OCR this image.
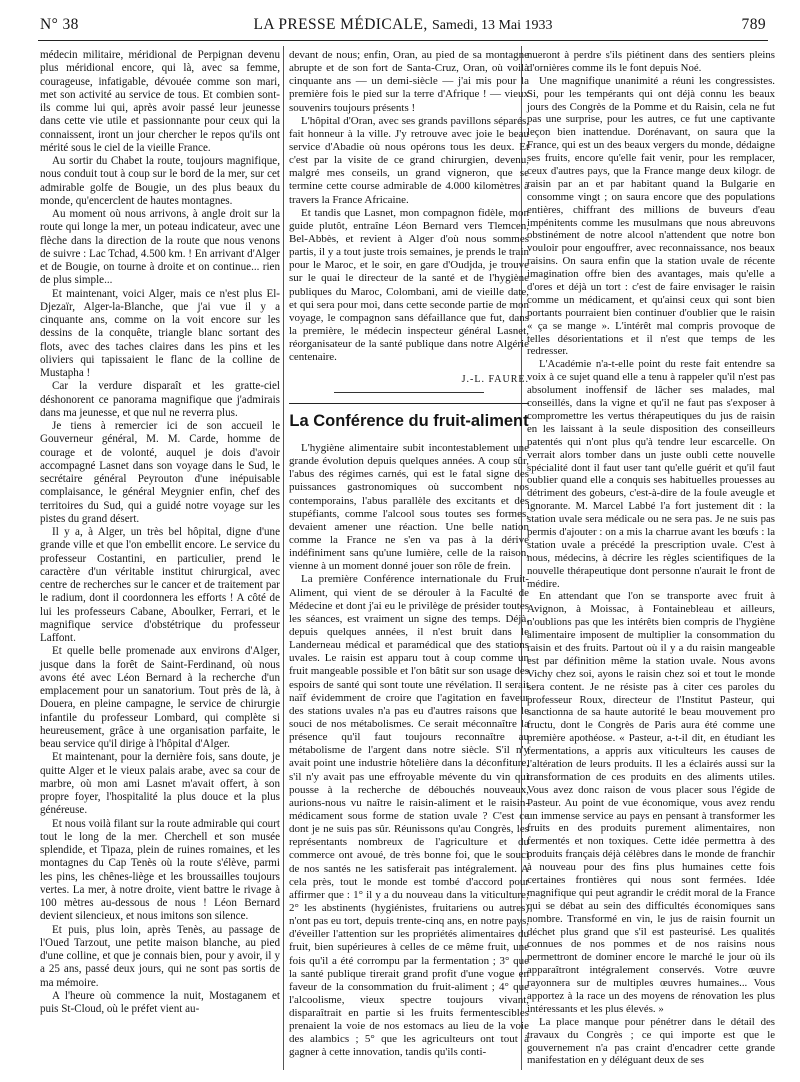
N° 38	LA PRESSE MÉDICALE, Samedi, 13 Mai 1933	789

médecin militaire, méridional de Perpignan devenu plus méridional encore, qui là, avec sa femme, courageuse, infatigable, dévouée comme son mari, met son activité au service de tous. Et combien sont-ils comme lui qui, après avoir passé leur jeunesse dans cette vie utile et passionnante pour ceux qui la connaissent, iront un jour chercher le repos qu'ils ont mérité sous le ciel de la vieille France.

Au sortir du Chabet la route, toujours magnifique, nous conduit tout à coup sur le bord de la mer, sur cet admirable golfe de Bougie, un des plus beaux du monde, qu'encerclent de hautes montagnes.

Au moment où nous arrivons, à angle droit sur la route qui longe la mer, un poteau indicateur, avec une flèche dans la direction de la route que nous venons de suivre : Lac Tchad, 4.500 km. ! En arrivant d'Alger et de Bougie, on tourne à droite et on continue... rien de plus simple...

Et maintenant, voici Alger, mais ce n'est plus El-Djezaïr, Alger-la-Blanche, que j'ai vue il y a cinquante ans, comme on la voit encore sur les dessins de la conquête, triangle blanc sortant des flots, avec des taches claires dans les pins et les oliviers qui tapissaient le flanc de la colline de Mustapha !

Car la verdure disparaît et les gratte-ciel déshonorent ce panorama magnifique que j'admirais dans ma jeunesse, et que nul ne reverra plus.

Je tiens à remercier ici de son accueil le Gouverneur général, M. M. Carde, homme de courage et de volonté, auquel je dois d'avoir accompagné Lasnet dans son voyage dans le Sud, le secrétaire général Peyrouton d'une inépuisable complaisance, le général Meygnier enfin, chef des territoires du Sud, qui a guidé notre voyage sur les pistes du grand désert.

Il y a, à Alger, un très bel hôpital, digne d'une grande ville et que l'on embellit encore. Le service du professeur Costantini, en particulier, prend le caractère d'un véritable institut chirurgical, avec centre de recherches sur le cancer et de traitement par le radium, dont il coordonnera les efforts ! A côté de lui les professeurs Cabane, Aboulker, Ferrari, et le magnifique service d'obstétrique du professeur Laffont.

Et quelle belle promenade aux environs d'Alger, jusque dans la forêt de Saint-Ferdinand, où nous avons été avec Léon Bernard à la recherche d'un emplacement pour un sanatorium. Tout près de là, à Douera, en pleine campagne, le service de chirurgie infantile du professeur Lombard, qui complète si heureusement, grâce à une organisation parfaite, le beau service qu'il dirige à l'hôpital d'Alger.

Et maintenant, pour la dernière fois, sans doute, je quitte Alger et le vieux palais arabe, avec sa cour de marbre, où mon ami Lasnet m'avait offert, à son propre foyer, l'hospitalité la plus douce et la plus généreuse.

Et nous voilà filant sur la route admirable qui court tout le long de la mer. Cherchell et son musée splendide, et Tipaza, plein de ruines romaines, et les montagnes du Cap Tenès où la route s'élève, parmi les pins, les chênes-liège et les broussailles toujours vertes. La mer, à notre droite, vient battre le rivage à 100 mètres au-dessous de nous ! Léon Bernard devient silencieux, et nous imitons son silence.

Et puis, plus loin, après Tenès, au passage de l'Oued Tarzout, une petite maison blanche, au pied d'une colline, et que je connais bien, pour y avoir, il y a 25 ans, passé deux jours, qui ne sont pas sortis de ma mémoire.

A l'heure où commence la nuit, Mostaganem et puis St-Cloud, où le préfet vient au-

devant de nous; enfin, Oran, au pied de sa montagne abrupte et de son fort de Santa-Cruz, Oran, où voilà cinquante ans — un demi-siècle — j'ai mis pour la première fois le pied sur la terre d'Afrique ! — vieux souvenirs toujours présents !

L'hôpital d'Oran, avec ses grands pavillons séparés, fait honneur à la ville. J'y retrouve avec joie le beau service d'Abadie où nous opérons tous les deux. Et c'est par la visite de ce grand chirurgien, devenu, malgré mes conseils, un grand vigneron, que se termine cette course admirable de 4.000 kilomètres à travers la France Africaine.

Et tandis que Lasnet, mon compagnon fidèle, mon guide plutôt, entraîne Léon Bernard vers Tlemcen, Bel-Abbès, et revient à Alger d'où nous sommes partis, il y a tout juste trois semaines, je prends le train pour le Maroc, et le soir, en gare d'Oudjda, je trouve sur le quai le directeur de la santé et de l'hygiène publiques du Maroc, Colombani, ami de vieille date, et qui sera pour moi, dans cette seconde partie de mon voyage, le compagnon sans défaillance que fut, dans la première, le médecin inspecteur général Lasnet, réorganisateur de la santé publique dans notre Algérie centenaire.

J.-L. FAURE.
La Conférence du fruit-aliment

L'hygiène alimentaire subit incontestablement une grande évolution depuis quelques années. A coup sûr, l'abus des régimes carnés, qui est le fatal signe des puissances gastronomiques où succombent nos contemporains, l'abus parallèle des excitants et des stupéfiants, comme l'alcool sous toutes ses formes, devaient amener une réaction. Une belle nation comme la France ne s'en va pas à la dérive indéfiniment sans qu'une lumière, celle de la raison, vienne à un moment donné jouer son rôle de frein.

La première Conférence internationale du Fruit-Aliment, qui vient de se dérouler à la Faculté de Médecine et dont j'ai eu le privilège de présider toutes les séances, est vraiment un signe des temps. Déjà, depuis quelques années, il n'est bruit dans le Landerneau médical et paramédical que des stations uvales. Le raisin est apparu tout à coup comme un fruit mangeable possible et l'on bâtit sur son usage des espoirs de santé qui sont toute une révélation. Il serait naïf évidemment de croire que l'agitation en faveur des stations uvales n'a pas eu d'autres raisons que le souci de nos métabolismes. Ce serait méconnaître la présence qu'il faut toujours reconnaître au métabolisme de l'argent dans notre siècle. S'il n'y avait point une industrie hôtelière dans la déconfiture, s'il n'y avait pas une effroyable mévente du vin qui pousse à la recherche de débouchés nouveaux, aurions-nous vu naître le raisin-aliment et le raisin-médicament sous forme de station uvale ? C'est ce dont je ne suis pas sûr. Réunissons qu'au Congrès, les représentants nombreux de l'agriculture et du commerce ont avoué, de très bonne foi, que le souci de nos santés ne les satisferait pas intégralement. A cela près, tout le monde est tombé d'accord pour affirmer que : 1° il y a du nouveau dans la viticulture; 2° les abstinents (hygiénistes, fruitariens ou autres) n'ont pas eu tort, depuis trente-cinq ans, en notre pays, d'éveiller l'attention sur les propriétés alimentaires du fruit, bien supérieures à celles de ce même fruit, une fois qu'il a été corrompu par la fermentation ; 3° que la santé publique tirerait grand profit d'une vogue en faveur de la consommation du fruit-aliment ; 4° que l'alcoolisme, vieux spectre toujours vivant, disparaîtrait en partie si les fruits fermentescibles prenaient la voie de nos estomacs au lieu de la voie des alambics ; 5° que les agriculteurs ont tout à gagner à cette innovation, tandis qu'ils conti-

nueront à perdre s'ils piétinent dans des sentiers pleins d'ornières comme ils le font depuis Noé.

Une magnifique unanimité a réuni les congressistes. Si, pour les tempérants qui ont déjà connu les beaux jours des Congrès de la Pomme et du Raisin, cela ne fut pas une surprise, pour les autres, ce fut une captivante leçon bien inattendue. Dorénavant, on saura que la France, qui est un des beaux vergers du monde, dédaigne ses fruits, encore qu'elle fait venir, pour les remplacer, ceux d'autres pays, que la France mange deux kilogr. de raisin par an et par habitant quand la Bulgarie en consomme vingt ; on saura encore que des populations entières, chiffrant des millions de buveurs d'eau impénitents comme les musulmans que nous abreuvons obstinément de notre alcool n'attendent que notre bon vouloir pour engouffrer, avec reconnaissance, nos beaux raisins. On saura enfin que la station uvale de récente imagination offre bien des avantages, mais qu'elle a d'ores et déjà un tort : c'est de faire envisager le raisin comme un médicament, et qu'ainsi ceux qui sont bien portants pourraient bien continuer d'oublier que le raisin « ça se mange ». L'intérêt mal compris provoque de telles désorientations et il n'est que temps de les redresser.

L'Académie n'a-t-elle point du reste fait entendre sa voix à ce sujet quand elle a tenu à rappeler qu'il n'est pas absolument inoffensif de lâcher ses malades, mal conseillés, dans la vigne et qu'il ne faut pas s'exposer à compromettre les vertus thérapeutiques du jus de raisin en les laissant à la seule disposition des conseilleurs patentés qui n'ont plus qu'à tendre leur escarcelle. On verrait alors tomber dans un juste oubli cette nouvelle spécialité dont il faut user tant qu'elle guérit et qu'il faut oublier quand elle a conquis ses habituelles prouesses au détriment des gobeurs, c'est-à-dire de la foule aveugle et ignorante. M. Marcel Labbé l'a fort justement dit : la station uvale sera médicale ou ne sera pas. Je ne suis pas permis d'ajouter : on a mis la charrue avant les bœufs : la station uvale a précédé la prescription uvale. C'est à nous, médecins, à décrire les règles scientifiques de la nouvelle thérapeutique dont personne n'aurait le front de médire.

En attendant que l'on se transporte avec fruit à Avignon, à Moissac, à Fontainebleau et ailleurs, n'oublions pas que les intérêts bien compris de l'hygiène alimentaire imposent de multiplier la consommation du raisin et des fruits. Partout où il y a du raisin mangeable est par définition même la station uvale. Nous avons Vichy chez soi, ayons le raisin chez soi et tout le monde sera content. Je ne résiste pas à citer ces paroles du professeur Roux, directeur de l'Institut Pasteur, qui sanctionna de sa haute autorité le beau mouvement pro fructu, dont le Congrès de Paris aura été comme une première apothéose. « Pasteur, a-t-il dit, en étudiant les fermentations, a appris aux viticulteurs les causes de l'altération de leurs produits. Il les a éclairés aussi sur la transformation de ces produits en des aliments utiles. Vous avez donc raison de vous placer sous l'égide de Pasteur. Au point de vue économique, vous avez rendu un immense service au pays en pensant à transformer les fruits en des produits purement alimentaires, non fermentés et non toxiques. Cette idée permettra à des produits français déjà célèbres dans le monde de franchir à nouveau pour des fins plus humaines cette fois certaines frontières qui nous sont fermées. Idée magnifique qui peut agrandir le crédit moral de la France qui se débat au sein des difficultés économiques sans nombre. Transformé en vin, le jus de raisin fournit un déchet plus grand que s'il est pasteurisé. Les qualités connues de nos pommes et de nos raisins nous permettront de dominer encore le marché le jour où ils apparaîtront intégralement conservés. Votre œuvre rayonnera sur de multiples œuvres humaines... Vous apportez à la race un des moyens de rénovation les plus intéressants et les plus élevés. »

La place manque pour pénétrer dans le détail des travaux du Congrès ; ce qui importe est que le gouvernement n'a pas craint d'encadrer cette grande manifestation en y déléguant deux de ses
